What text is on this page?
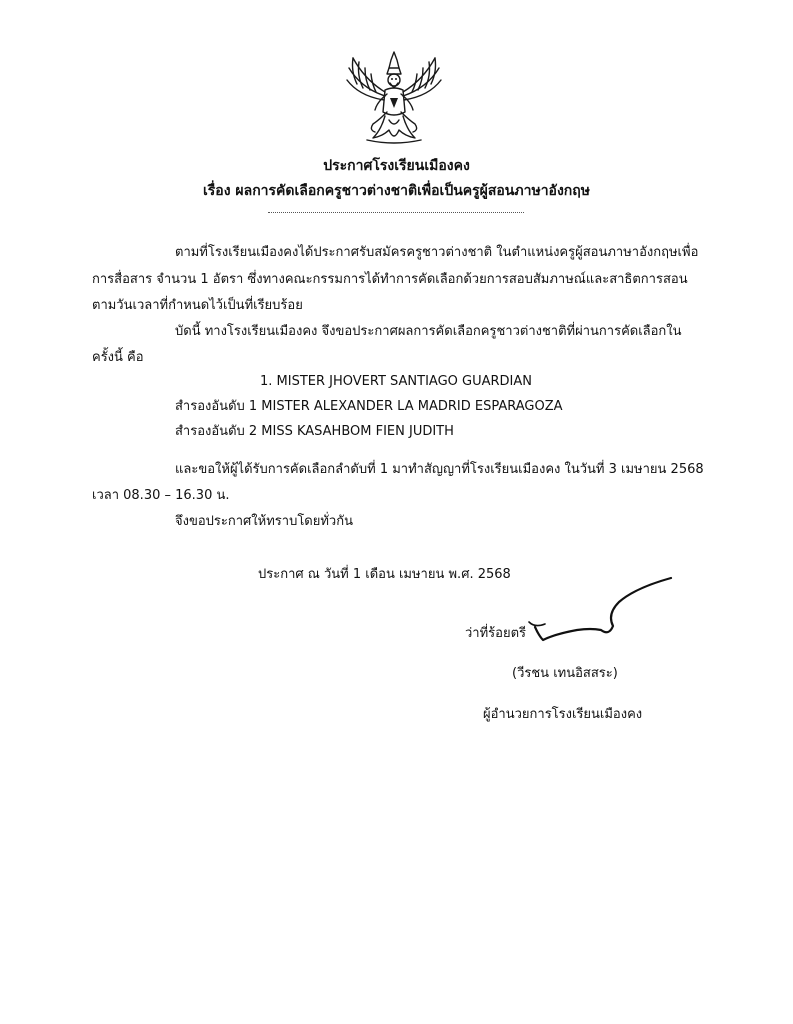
ประกาศโรงเรียนเมืองคง
เรื่อง ผลการคัดเลือกครูชาวต่างชาติเพื่อเป็นครูผู้สอนภาษาอังกฤษ
ตามที่โรงเรียนเมืองคงได้ประกาศรับสมัครครูชาวต่างชาติ ในตำแหน่งครูผู้สอนภาษาอังกฤษเพื่อ
การสื่อสาร จำนวน 1 อัตรา ซึ่งทางคณะกรรมการได้ทำการคัดเลือกด้วยการสอบสัมภาษณ์และสาธิตการสอน
ตามวันเวลาที่กำหนดไว้เป็นที่เรียบร้อย
บัดนี้ ทางโรงเรียนเมืองคง จึงขอประกาศผลการคัดเลือกครูชาวต่างชาติที่ผ่านการคัดเลือกใน
ครั้งนี้ คือ
1. MISTER JHOVERT SANTIAGO GUARDIAN
สำรองอันดับ 1 MISTER ALEXANDER LA MADRID ESPARAGOZA
สำรองอันดับ 2 MISS KASAHBOM FIEN JUDITH
และขอให้ผู้ได้รับการคัดเลือกลำดับที่ 1 มาทำสัญญาที่โรงเรียนเมืองคง ในวันที่ 3 เมษายน 2568
เวลา 08.30 – 16.30 น.
จึงขอประกาศให้ทราบโดยทั่วกัน
ประกาศ ณ วันที่ 1 เดือน เมษายน พ.ศ. 2568
ว่าที่ร้อยตรี
(วีรชน เทนอิสสระ)
ผู้อำนวยการโรงเรียนเมืองคง
